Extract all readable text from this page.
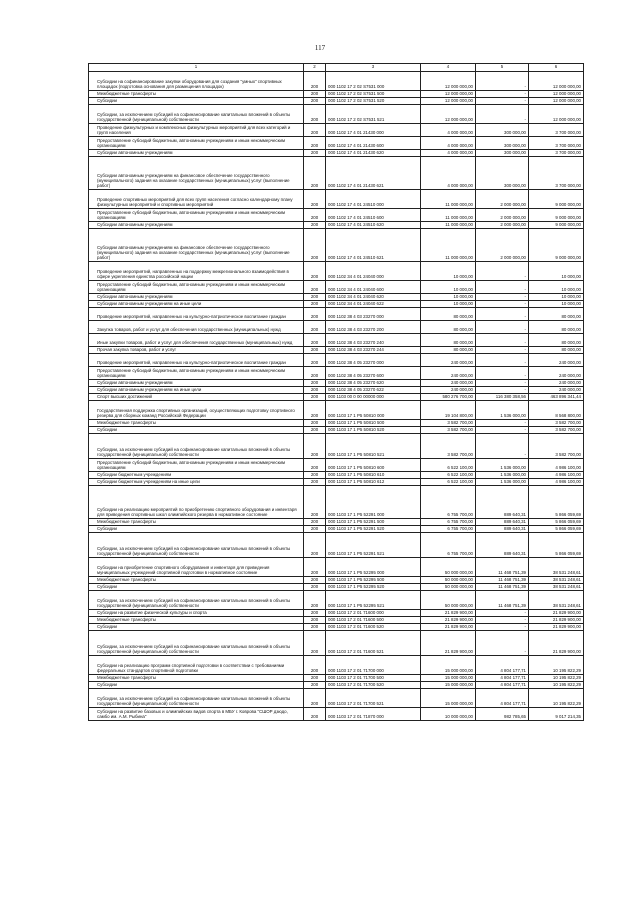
117
1	2	3	4	5	6

Субсидии на софинансирование закупки оборудования для создания "умных" спортивных площадок (подготовка основания для размещения площадок)	200	000 1102 17 2 02 S7531 000	12 000 000,00	-	12 000 000,00

Межбюджетные трансферты	200	000 1102 17 2 02 S7531 500	12 000 000,00	-	12 000 000,00

Субсидии	200	000 1102 17 2 02 S7531 520	12 000 000,00	-	12 000 000,00

Субсидии, за исключением субсидий на софинансирование капитальных вложений в объекты государственной (муниципальной) собственности	200	000 1102 17 2 02 S7531 521	12 000 000,00	-	12 000 000,00

Проведение физкультурных и комплексных физкультурных мероприятий для всех категорий и групп населения	200	000 1102 17 4 01 21430 000	4 000 000,00	300 000,00	3 700 000,00

Предоставление субсидий бюджетным, автономным учреждениям и иным некоммерческим организациям	200	000 1102 17 4 01 21430 600	4 000 000,00	300 000,00	3 700 000,00

Субсидии автономным учреждениям	200	000 1102 17 4 01 21430 620	4 000 000,00	300 000,00	3 700 000,00

Субсидии автономным учреждениям на финансовое обеспечение государственного (муниципального) задания на оказание государственных (муниципальных) услуг (выполнение работ)	200	000 1102 17 4 01 21430 621	4 000 000,00	300 000,00	3 700 000,00

Проведение спортивных мероприятий для всех групп населения согласно календарному плану физкультурных мероприятий и спортивных мероприятий	200	000 1102 17 4 01 24510 000	11 000 000,00	2 000 000,00	9 000 000,00

Предоставление субсидий бюджетным, автономным учреждениям и иным некоммерческим организациям	200	000 1102 17 4 01 24510 600	11 000 000,00	2 000 000,00	9 000 000,00

Субсидии автономным учреждениям	200	000 1102 17 4 01 24510 620	11 000 000,00	2 000 000,00	9 000 000,00

Субсидии автономным учреждениям на финансовое обеспечение государственного (муниципального) задания на оказание государственных (муниципальных) услуг (выполнение работ)	200	000 1102 17 4 01 24510 621	11 000 000,00	2 000 000,00	9 000 000,00

Проведение мероприятий, направленных на поддержку межрегионального взаимодействия в сфере укрепления единства российской нации	200	000 1102 34 4 01 24040 000	10 000,00	-	10 000,00

Предоставление субсидий бюджетным, автономным учреждениям и иным некоммерческим организациям	200	000 1102 34 4 01 24040 600	10 000,00	-	10 000,00

Субсидии автономным учреждениям	200	000 1102 34 4 01 24040 620	10 000,00	-	10 000,00

Субсидии автономным учреждениям на иные цели	200	000 1102 34 4 01 24040 622	10 000,00	-	10 000,00

Проведение мероприятий, направленных на культурно-патриотическое воспитание граждан	200	000 1102 38 4 03 23270 000	80 000,00	-	80 000,00

Закупка товаров, работ и услуг для обеспечения государственных (муниципальных) нужд	200	000 1102 38 4 03 23270 200	80 000,00	-	80 000,00

Иные закупки товаров, работ и услуг для обеспечения государственных (муниципальных) нужд	200	000 1102 38 4 03 23270 240	80 000,00	-	80 000,00

Прочая закупка товаров, работ и услуг	200	000 1102 38 4 03 23270 244	80 000,00	-	80 000,00

Проведение мероприятий, направленных на культурно-патриотическое воспитание граждан	200	000 1102 38 4 05 23270 000	240 000,00	-	240 000,00

Предоставление субсидий бюджетным, автономным учреждениям и иным некоммерческим организациям	200	000 1102 38 4 05 23270 600	240 000,00	-	240 000,00

Субсидии автономным учреждениям	200	000 1102 38 4 05 23270 620	240 000,00	-	240 000,00

Субсидии автономным учреждениям на иные цели	200	000 1102 38 4 05 23270 622	240 000,00	-	240 000,00

Спорт высших достижений	200	000 1103 00 0 00 00000 000	580 276 700,00	116 380 358,56	463 896 341,44

Государственная поддержка спортивных организаций, осуществляющих подготовку спортивного резерва для сборных команд Российской Федерации	200	000 1103 17 1 P5 50810 000	19 104 800,00	1 536 000,00	8 568 800,00

Межбюджетные трансферты	200	000 1103 17 1 P5 50810 500	3 582 700,00	-	3 582 700,00

Субсидии	200	000 1103 17 1 P5 50810 520	3 582 700,00	-	3 582 700,00

Субсидии, за исключением субсидий на софинансирование капитальных вложений в объекты государственной (муниципальной) собственности	200	000 1103 17 1 P5 50810 521	3 582 700,00	-	3 582 700,00

Предоставление субсидий бюджетным, автономным учреждениям и иным некоммерческим организациям	200	000 1103 17 1 P5 50810 600	6 522 100,00	1 536 000,00	4 986 100,00

Субсидии бюджетным учреждениям	200	000 1103 17 1 P5 50810 610	6 522 100,00	1 536 000,00	4 986 100,00

Субсидии бюджетным учреждениям на иные цели	200	000 1103 17 1 P5 50810 612	6 522 100,00	1 536 000,00	4 986 100,00

Субсидии на реализацию мероприятий по приобретению спортивного оборудования и инвентаря для приведения спортивных школ олимпийского резерва в нормативное состояние	200	000 1103 17 1 P5 52291 000	6 755 700,00	889 640,31	5 866 059,69

Межбюджетные трансферты	200	000 1103 17 1 P5 52291 500	6 755 700,00	889 640,31	5 866 059,69

Субсидии	200	000 1103 17 1 P5 52291 520	6 755 700,00	889 640,31	5 866 059,69

Субсидии, за исключением субсидий на софинансирование капитальных вложений в объекты государственной (муниципальной) собственности	200	000 1103 17 1 P5 52291 521	6 755 700,00	889 640,31	5 866 059,69

Субсидии на приобретение спортивного оборудования и инвентаря для приведения муниципальных учреждений спортивной подготовки в нормативное состояние	200	000 1103 17 1 P5 52295 000	50 000 000,00	11 468 751,39	38 531 248,61

Межбюджетные трансферты	200	000 1103 17 1 P5 52295 500	50 000 000,00	11 468 751,39	38 531 248,61

Субсидии	200	000 1103 17 1 P5 52295 520	50 000 000,00	11 468 751,39	38 531 248,61

Субсидии, за исключением субсидий на софинансирование капитальных вложений в объекты государственной (муниципальной) собственности	200	000 1103 17 1 P5 52295 521	50 000 000,00	11 468 751,39	38 531 248,61

Субсидии на развитие физической культуры и спорта	200	000 1103 17 2 01 71600 000	21 829 900,00	-	21 829 900,00

Межбюджетные трансферты	200	000 1103 17 2 01 71600 500	21 829 900,00	-	21 829 900,00

Субсидии	200	000 1103 17 2 01 71600 520	21 829 900,00	-	21 829 900,00

Субсидии, за исключением субсидий на софинансирование капитальных вложений в объекты государственной (муниципальной) собственности	200	000 1103 17 2 01 71600 521	21 829 900,00	-	21 829 900,00

Субсидии на реализацию программ спортивной подготовки в соответствии с требованиями федеральных стандартов спортивной подготовки	200	000 1103 17 2 01 71700 000	15 000 000,00	4 804 177,71	10 195 822,29

Межбюджетные трансферты	200	000 1103 17 2 01 71700 500	15 000 000,00	4 804 177,71	10 195 822,29

Субсидии	200	000 1103 17 2 01 71700 520	15 000 000,00	4 804 177,71	10 195 822,29

Субсидии, за исключением субсидий на софинансирование капитальных вложений в объекты государственной (муниципальной) собственности	200	000 1103 17 2 01 71700 521	15 000 000,00	4 804 177,71	10 195 822,29

Субсидии на развитие базовых и олимпийских видов спорта в МБУ г. Коврова "СШОР дзюдо, самбо им. А.М. Рыбина"	200	000 1103 17 2 01 71870 000	10 000 000,00	982 785,65	9 017 214,35
